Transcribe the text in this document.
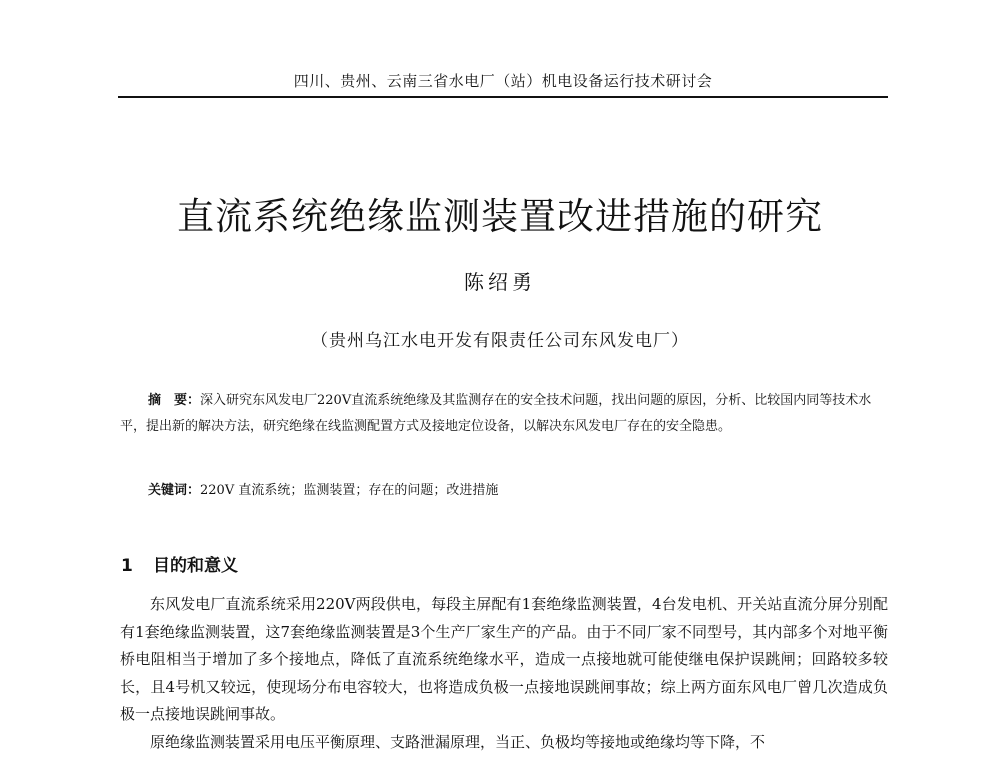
四川、贵州、云南三省水电厂（站）机电设备运行技术研讨会
直流系统绝缘监测装置改进措施的研究
陈绍勇
（贵州乌江水电开发有限责任公司东风发电厂）
摘　要：深入研究东风发电厂220V直流系统绝缘及其监测存在的安全技术问题，找出问题的原因，分析、比较国内同等技术水平，提出新的解决方法，研究绝缘在线监测配置方式及接地定位设备，以解决东风发电厂存在的安全隐患。
关键词：220V 直流系统；监测装置；存在的问题；改进措施
1 目的和意义

东风发电厂直流系统采用220V两段供电，每段主屏配有1套绝缘监测装置，4台发电机、开关站直流分屏分别配有1套绝缘监测装置，这7套绝缘监测装置是3个生产厂家生产的产品。由于不同厂家不同型号，其内部多个对地平衡桥电阻相当于增加了多个接地点，降低了直流系统绝缘水平，造成一点接地就可能使继电保护误跳闸；回路较多较长，且4号机又较远，使现场分布电容较大，也将造成负极一点接地误跳闸事故；综上两方面东风电厂曾几次造成负极一点接地误跳闸事故。

原绝缘监测装置采用电压平衡原理、支路泄漏原理，当正、负极均等接地或绝缘均等下降，不
